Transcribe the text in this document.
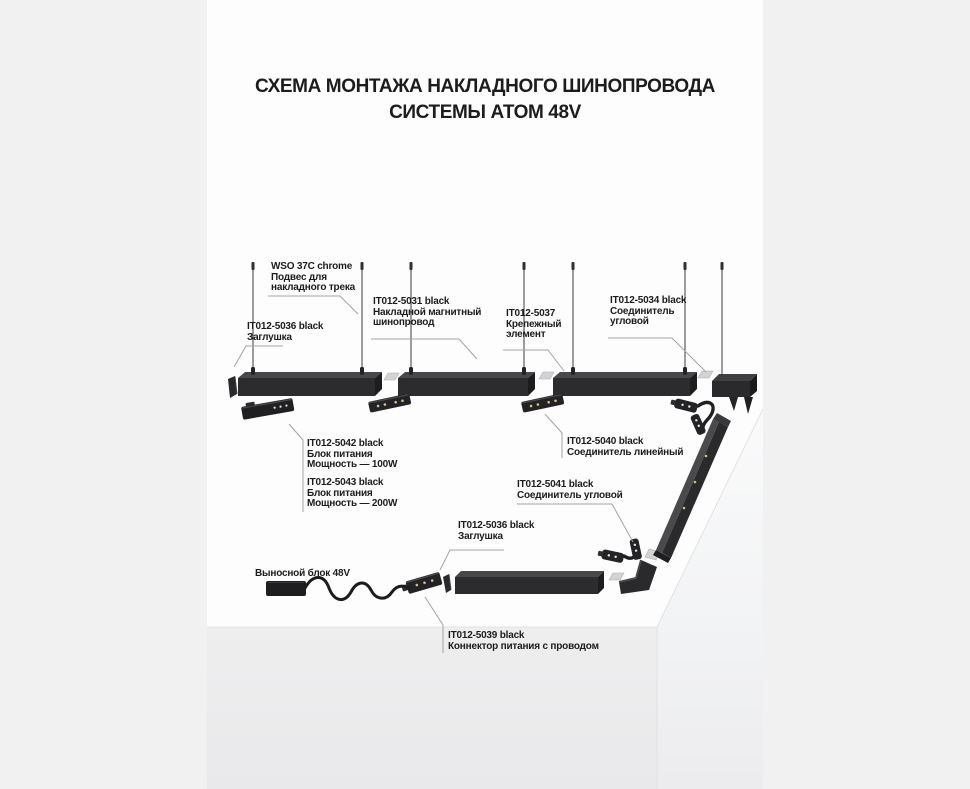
СХЕМА МОНТАЖА НАКЛАДНОГО ШИНОПРОВОДА
СИСТЕМЫ АТОМ 48V
WSO 37C chrome
Подвес для
накладного трека
IT012-5036 black
Заглушка
IT012-5031 black
Накладной магнитный
шинопровод
IT012-5037
Крепежный
элемент
IT012-5034 black
Соединитель
угловой
IT012-5042 black
Блок питания
Мощность — 100W
IT012-5043 black
Блок питания
Мощность — 200W
IT012-5040 black
Соединитель линейный
IT012-5041 black
Соединитель угловой
IT012-5036 black
Заглушка
Выносной блок 48V
IT012-5039 black
Коннектор питания с проводом
